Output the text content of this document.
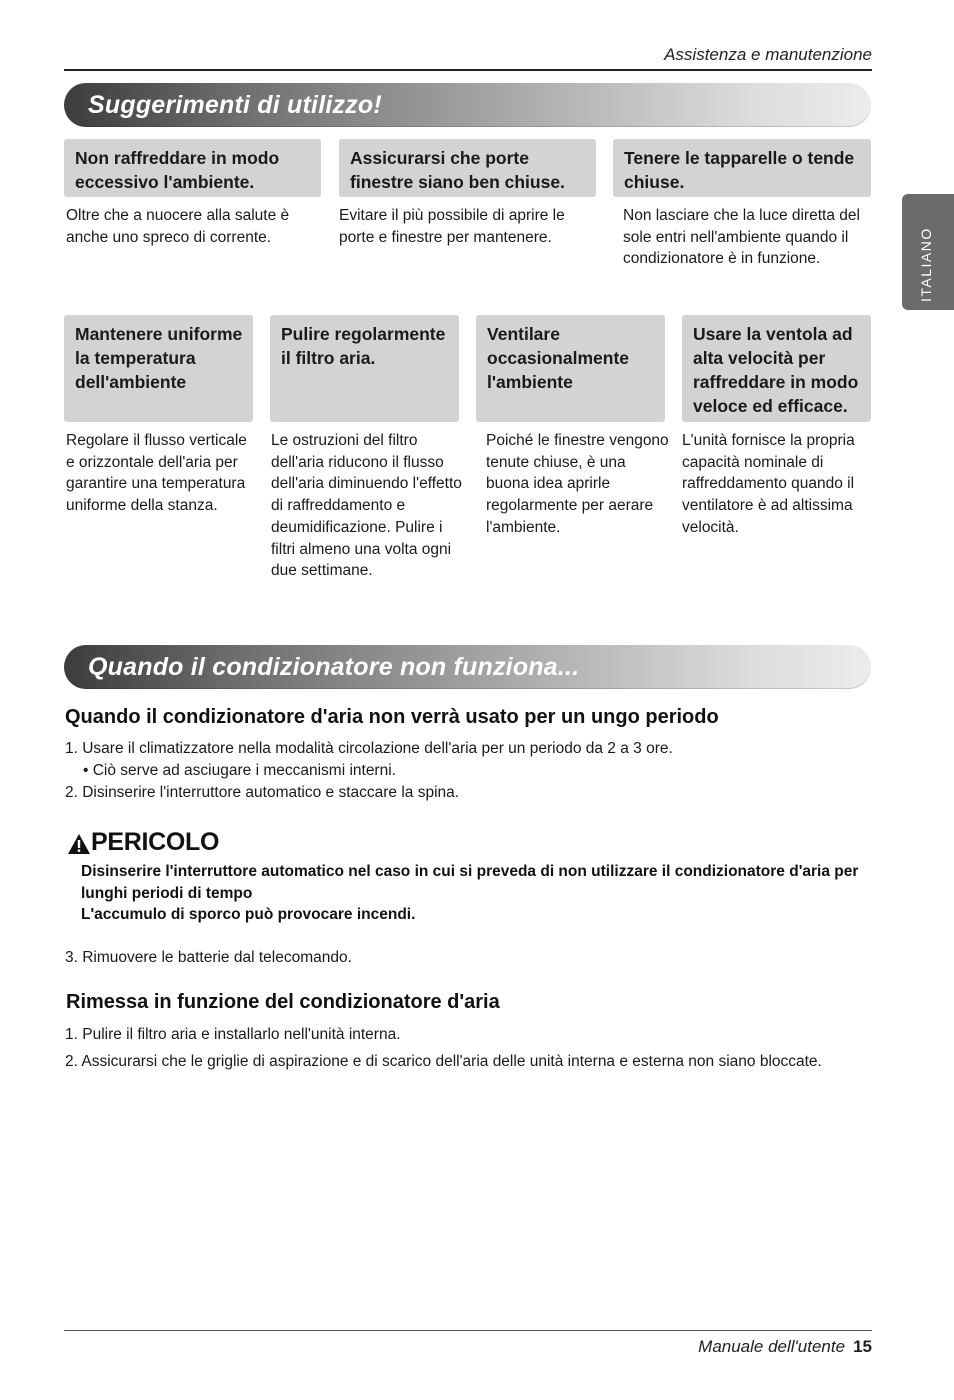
Assistenza e manutenzione
ITALIANO
Suggerimenti di utilizzo!
Non raffreddare in modo eccessivo l'ambiente.
Oltre che a nuocere alla salute è anche uno spreco di corrente.
Assicurarsi che porte finestre siano ben chiuse.
Evitare il più possibile di aprire le porte e finestre per mantenere.
Tenere le tapparelle o tende chiuse.
Non lasciare che la luce diretta del sole entri nell'ambiente quando il condizionatore è in funzione.
Mantenere uniforme la temperatura dell'ambiente
Regolare il flusso verticale e orizzontale dell'aria per garantire una temperatura uniforme della stanza.
Pulire regolarmente il filtro aria.
Le ostruzioni del filtro dell'aria riducono il flusso dell'aria diminuendo l'effetto di raffreddamento e deumidificazione. Pulire i filtri almeno una volta ogni due settimane.
Ventilare occasionalmente l'ambiente
Poiché le finestre vengono tenute chiuse, è una buona idea aprirle regolarmente per aerare l'ambiente.
Usare la ventola ad alta velocità per raffreddare in modo veloce ed efficace.
L'unità fornisce la propria capacità nominale di raffreddamento quando il ventilatore è ad altissima velocità.
Quando il condizionatore non funziona...
Quando il condizionatore d'aria non verrà usato per un ungo periodo
1. Usare il climatizzatore nella modalità circolazione dell'aria per un periodo da 2 a 3 ore.
• Ciò serve ad asciugare i meccanismi interni.
2. Disinserire l'interruttore automatico e staccare la spina.
PERICOLO
Disinserire l'interruttore automatico nel caso in cui si preveda di non utilizzare il condizionatore d'aria per lunghi periodi di tempo
L'accumulo di sporco può provocare incendi.
3. Rimuovere le batterie dal telecomando.
Rimessa in funzione del condizionatore d'aria
1. Pulire il filtro aria e installarlo nell'unità interna.
2. Assicurarsi che le griglie di aspirazione e di scarico dell'aria delle unità interna e esterna non siano bloccate.
Manuale dell'utente 15
